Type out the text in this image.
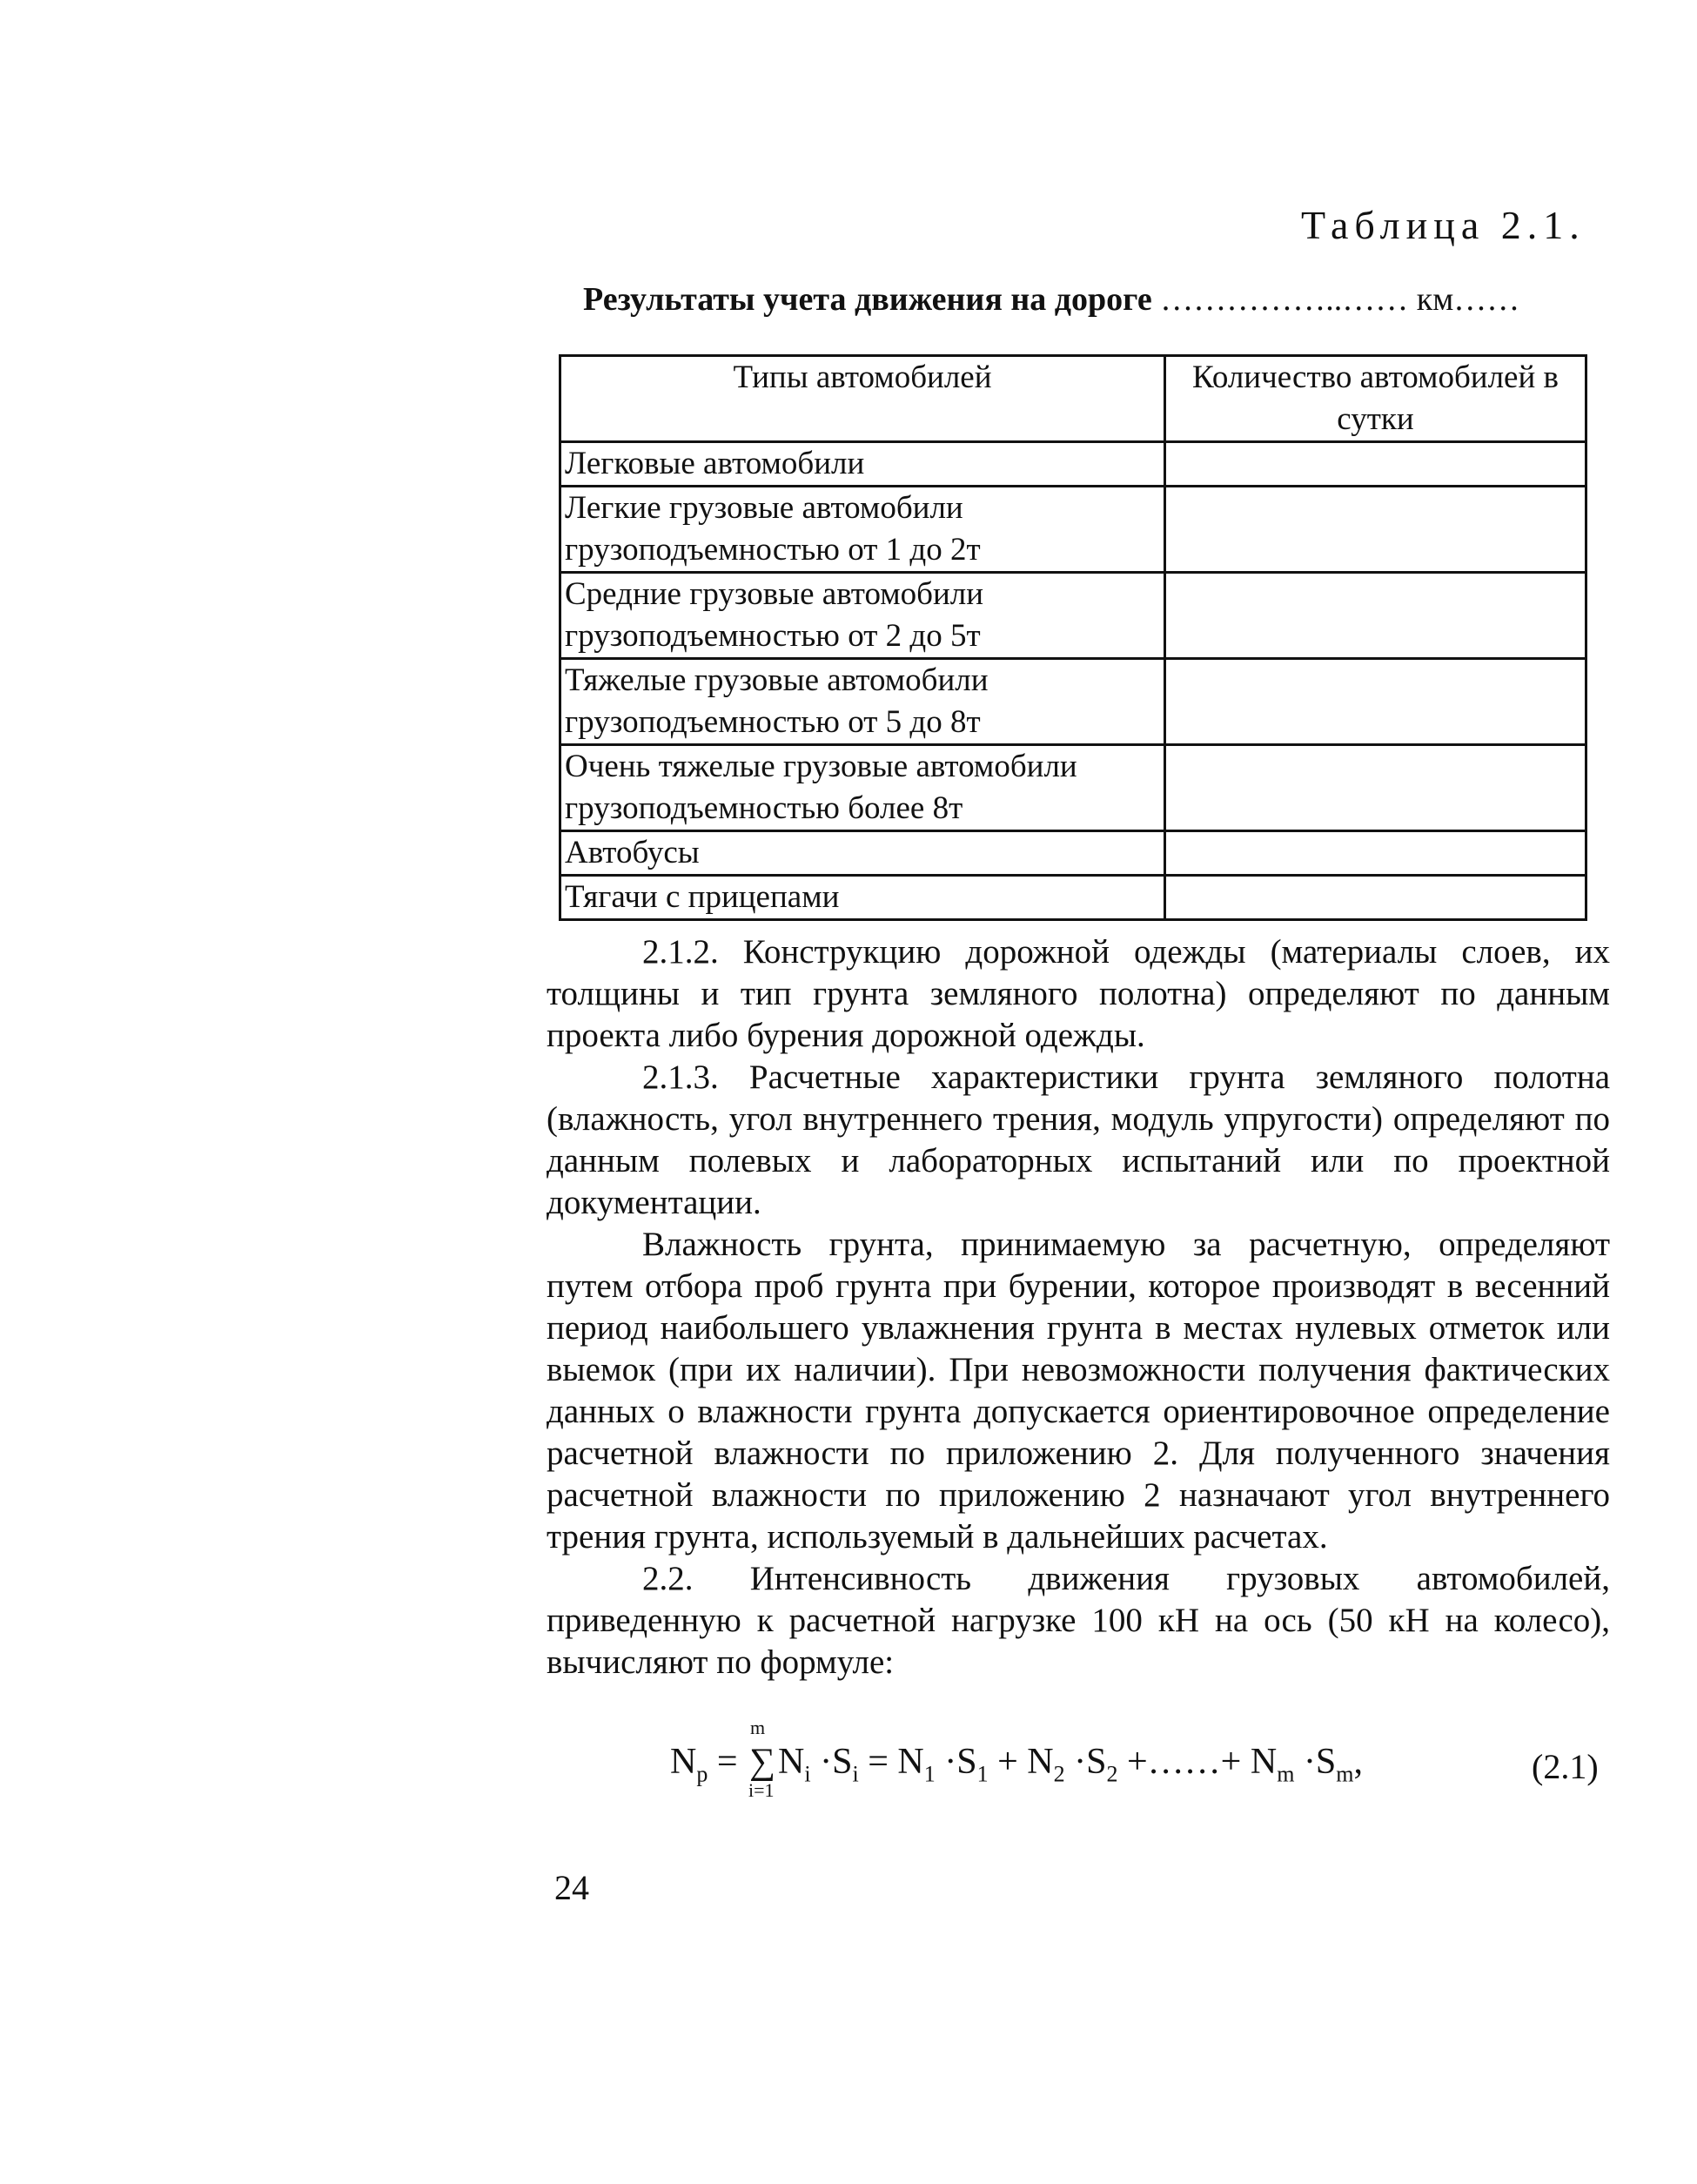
Таблица 2.1.
Результаты учета движения на дороге ……………..…… км……
Типы автомобилей	Количество автомобилей в сутки
Легковые автомобили	
Легкие грузовые автомобили грузоподъемностью от 1 до 2т	
Средние грузовые автомобили грузоподъемностью от 2 до 5т	
Тяжелые грузовые автомобили грузоподъемностью от 5 до 8т	
Очень тяжелые грузовые автомобили грузоподъемностью более 8т	
Автобусы	
Тягачи с прицепами	

2.1.2. Конструкцию дорожной одежды (материалы слоев, их толщины и тип грунта земляного полотна) определяют по данным проекта либо бурения дорожной одежды.

2.1.3. Расчетные характеристики грунта земляного полотна (влажность, угол внутреннего трения, модуль упругости) определяют по данным полевых и лабораторных испытаний или по проектной документации.

Влажность грунта, принимаемую за расчетную, определяют путем отбора проб грунта при бурении, которое производят в весенний период наибольшего увлажнения грунта в местах нулевых отметок или выемок (при их наличии). При невозможности получения фактических данных о влажности грунта допускается ориентировочное определение расчетной влажности по приложению 2. Для полученного значения расчетной влажности по приложению 2 назначают угол внутреннего трения грунта, используемый в дальнейших расчетах.

2.2. Интенсивность движения грузовых автомобилей, приведенную к расчетной нагрузке 100 кН на ось (50 кН на колесо), вычисляют по формуле:

$N_p$ = ∑
m
i=1
$N_i \cdot S_i = N_1 \cdot S_1 + N_2 \cdot S_2$ +……+ $N_m \cdot S_m$,	(2.1)
24
